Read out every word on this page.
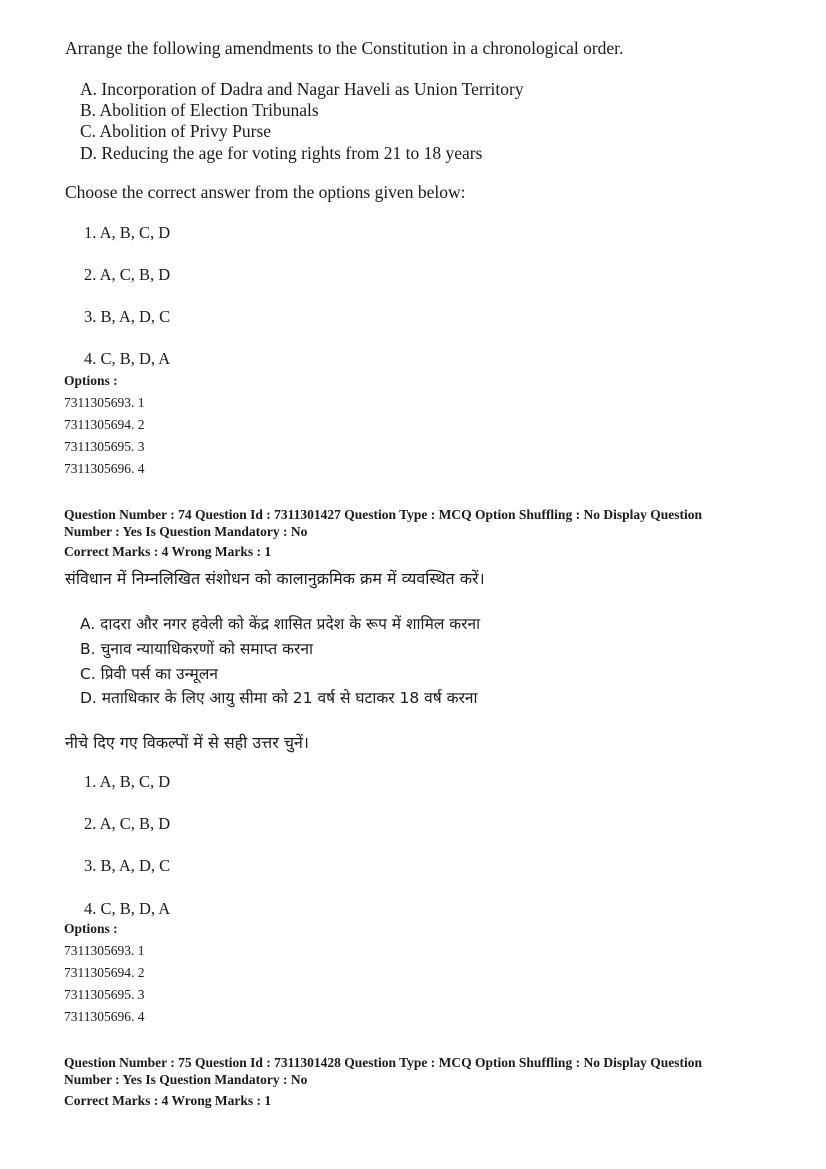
Arrange the following amendments to the Constitution in a chronological order.
A. Incorporation of Dadra and Nagar Haveli as Union Territory
B. Abolition of Election Tribunals
C. Abolition of Privy Purse
D. Reducing the age for voting rights from 21 to 18 years
Choose the correct answer from the options given below:
1. A, B, C, D
2. A, C, B, D
3. B, A, D, C
4. C, B, D, A
Options :
7311305693. 1
7311305694. 2
7311305695. 3
7311305696. 4
Question Number : 74 Question Id : 7311301427 Question Type : MCQ Option Shuffling : No Display Question
Number : Yes Is Question Mandatory : No
Correct Marks : 4 Wrong Marks : 1
संविधान में निम्नलिखित संशोधन को कालानुक्रमिक क्रम में व्यवस्थित करें।
A. दादरा और नगर हवेली को केंद्र शासित प्रदेश के रूप में शामिल करना
B. चुनाव न्यायाधिकरणों को समाप्त करना
C. प्रिवी पर्स का उन्मूलन
D. मताधिकार के लिए आयु सीमा को 21 वर्ष से घटाकर 18 वर्ष करना
नीचे दिए गए विकल्पों में से सही उत्तर चुनें।
1. A, B, C, D
2. A, C, B, D
3. B, A, D, C
4. C, B, D, A
Options :
7311305693. 1
7311305694. 2
7311305695. 3
7311305696. 4
Question Number : 75 Question Id : 7311301428 Question Type : MCQ Option Shuffling : No Display Question
Number : Yes Is Question Mandatory : No
Correct Marks : 4 Wrong Marks : 1
